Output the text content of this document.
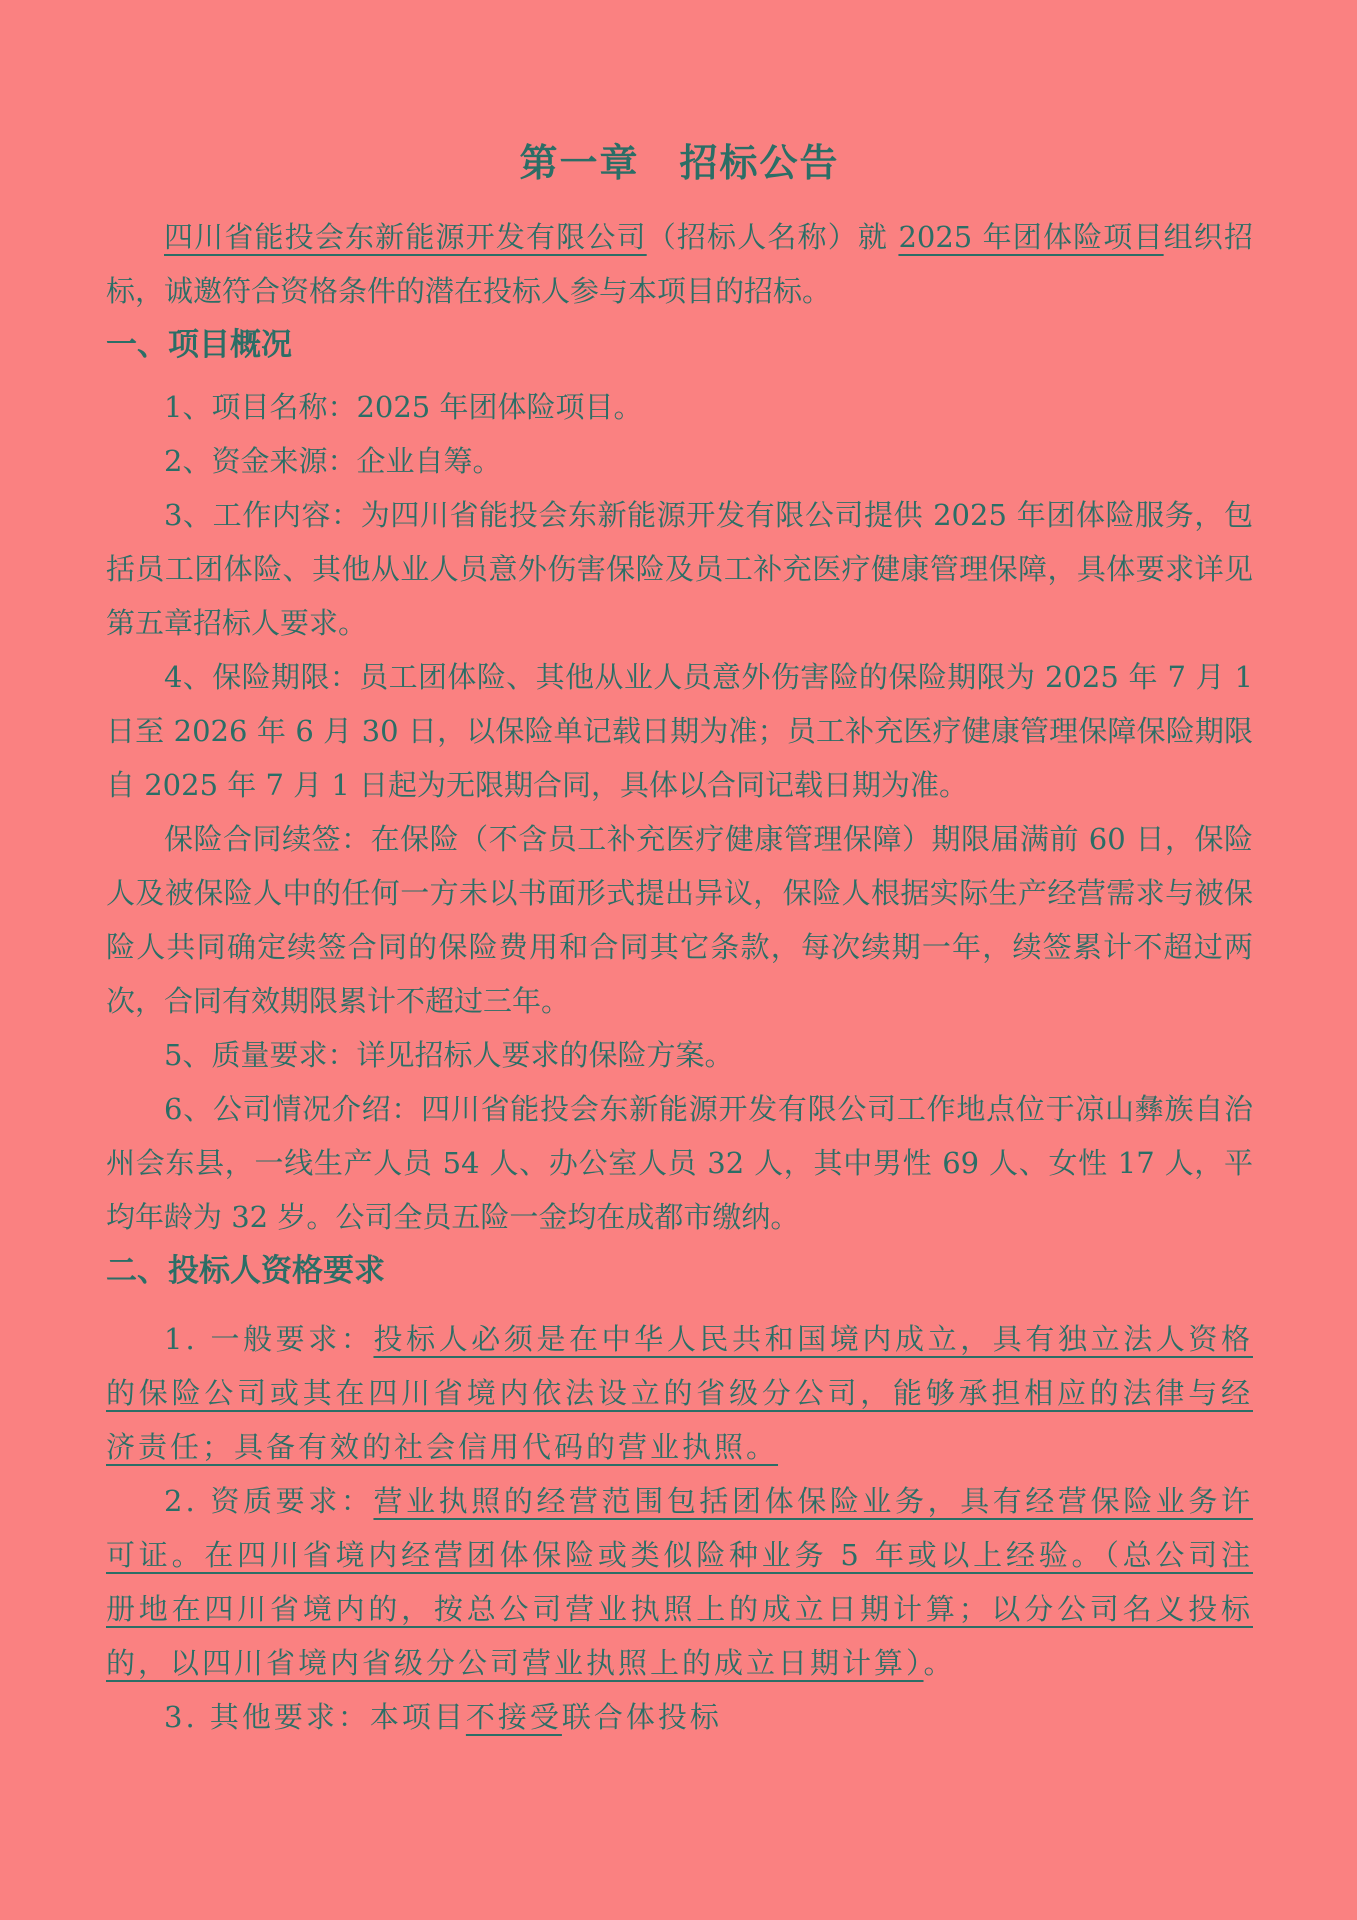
第一章　招标公告
四川省能投会东新能源开发有限公司（招标人名称）就 2025 年团体险项目组织招标，诚邀符合资格条件的潜在投标人参与本项目的招标。
一、项目概况
1、项目名称：2025 年团体险项目。
2、资金来源：企业自筹。
3、工作内容：为四川省能投会东新能源开发有限公司提供 2025 年团体险服务，包括员工团体险、其他从业人员意外伤害保险及员工补充医疗健康管理保障，具体要求详见第五章招标人要求。
4、保险期限：员工团体险、其他从业人员意外伤害险的保险期限为 2025 年 7 月 1 日至 2026 年 6 月 30 日，以保险单记载日期为准；员工补充医疗健康管理保障保险期限自 2025 年 7 月 1 日起为无限期合同，具体以合同记载日期为准。
保险合同续签：在保险（不含员工补充医疗健康管理保障）期限届满前 60 日，保险人及被保险人中的任何一方未以书面形式提出异议，保险人根据实际生产经营需求与被保险人共同确定续签合同的保险费用和合同其它条款，每次续期一年，续签累计不超过两次，合同有效期限累计不超过三年。
5、质量要求：详见招标人要求的保险方案。
6、公司情况介绍：四川省能投会东新能源开发有限公司工作地点位于凉山彝族自治州会东县，一线生产人员 54 人、办公室人员 32 人，其中男性 69 人、女性 17 人，平均年龄为 32 岁。公司全员五险一金均在成都市缴纳。
二、投标人资格要求
1. 一般要求：投标人必须是在中华人民共和国境内成立，具有独立法人资格的保险公司或其在四川省境内依法设立的省级分公司，能够承担相应的法律与经济责任；具备有效的社会信用代码的营业执照。
2. 资质要求：营业执照的经营范围包括团体保险业务，具有经营保险业务许可证。在四川省境内经营团体保险或类似险种业务 5 年或以上经验。（总公司注册地在四川省境内的，按总公司营业执照上的成立日期计算；以分公司名义投标的，以四川省境内省级分公司营业执照上的成立日期计算）。
3. 其他要求：本项目不接受联合体投标
